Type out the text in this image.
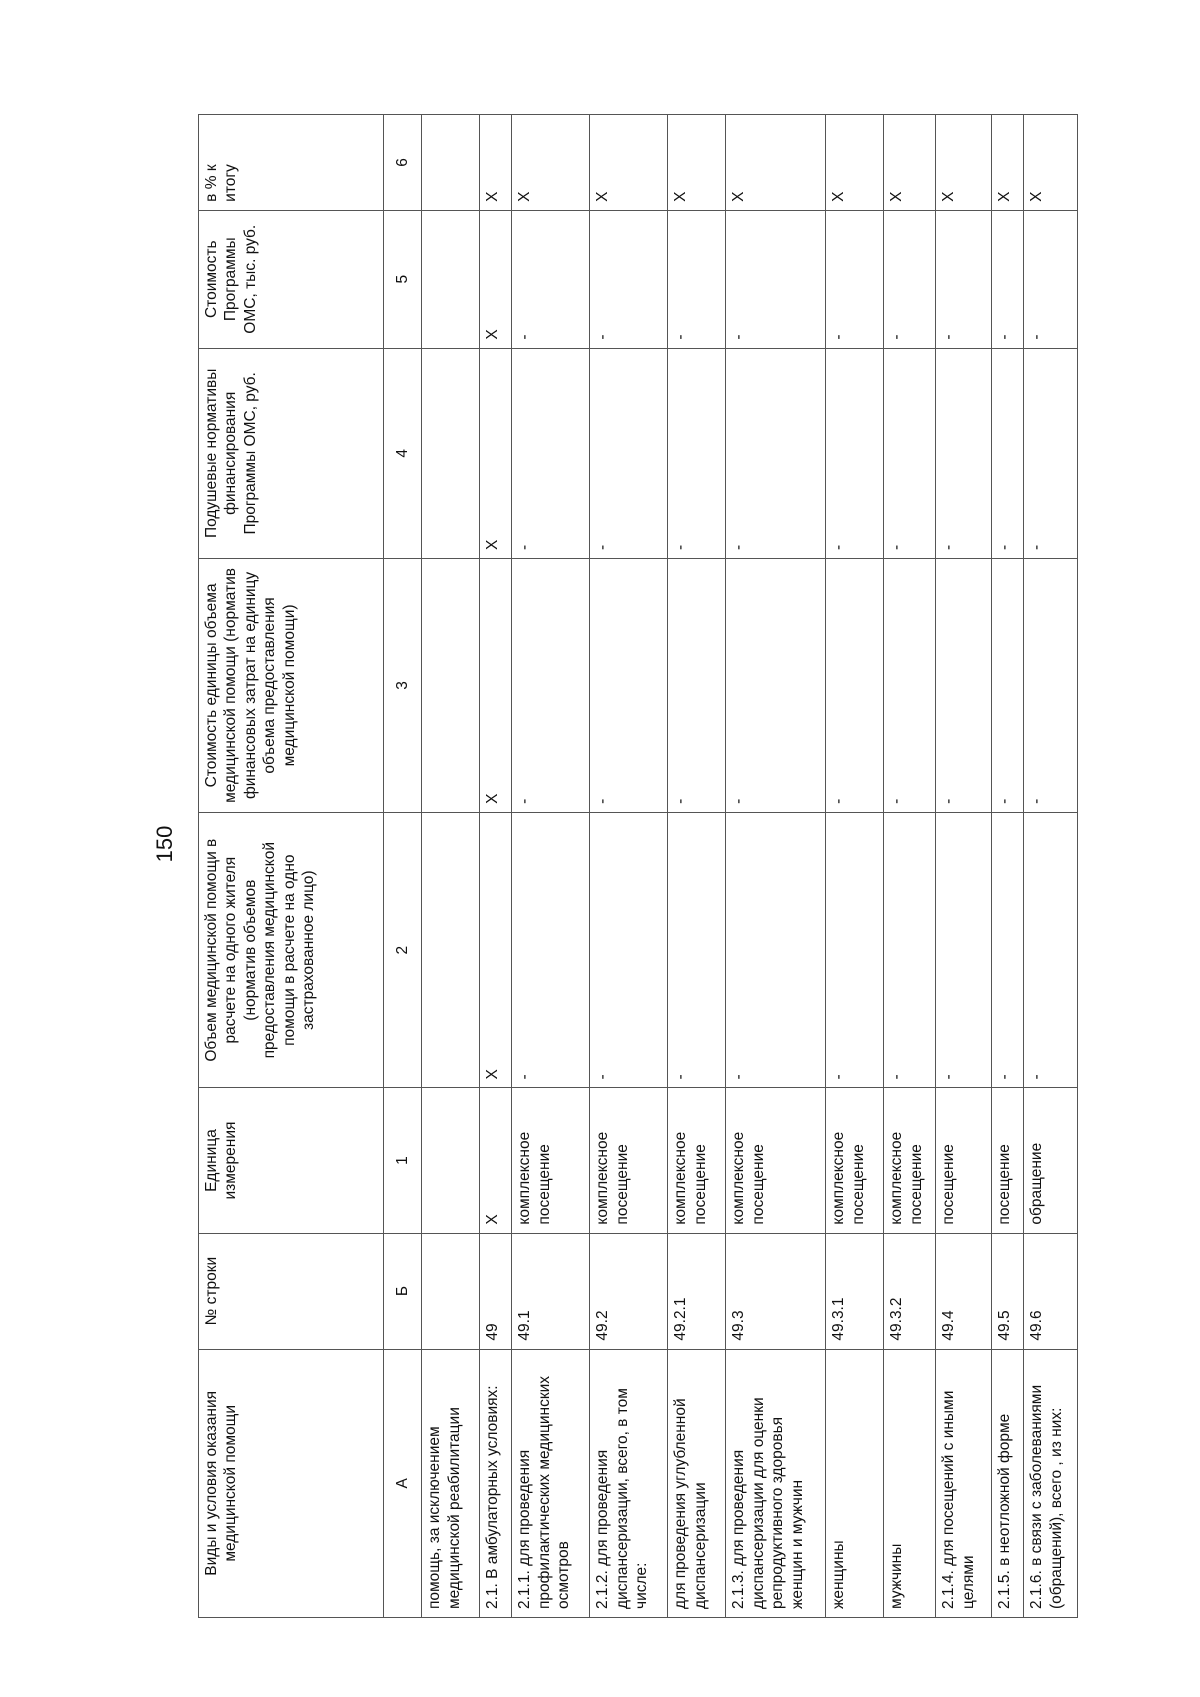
150
Виды и условия оказания медицинской помощи	№ строки	Единица измерения	Объем медицинской помощи в расчете на одного жителя (норматив объемов предоставления медицинской помощи в расчете на одно застрахованное лицо)	Стоимость единицы объема медицинской помощи (норматив финансовых затрат на единицу объема предоставления медицинской помощи)	Подушевые нормативы финансирования Программы ОМС, руб.	Стоимость Программы ОМС, тыс. руб.	в % к итогу
А	Б	1	2	3	4	5	6
помощь, за исключением медицинской реабилитации							
2.1. В амбулаторных условиях:	49	X	X	X	X	X	X
2.1.1. для проведения профилактических медицинских осмотров	49.1	комплексное посещение	-	-	-	-	X
2.1.2. для проведения диспансеризации, всего, в том числе:	49.2	комплексное посещение	-	-	-	-	X
для проведения углубленной диспансеризации	49.2.1	комплексное посещение	-	-	-	-	X
2.1.3. для проведения диспансеризации для оценки репродуктивного здоровья женщин и мужчин	49.3	комплексное посещение	-	-	-	-	X
женщины	49.3.1	комплексное посещение	-	-	-	-	X
мужчины	49.3.2	комплексное посещение	-	-	-	-	X
2.1.4. для посещений с иными целями	49.4	посещение	-	-	-	-	X
2.1.5. в неотложной форме	49.5	посещение	-	-	-	-	X
2.1.6. в связи с заболеваниями (обращений), всего , из них:	49.6	обращение	-	-	-	-	X
